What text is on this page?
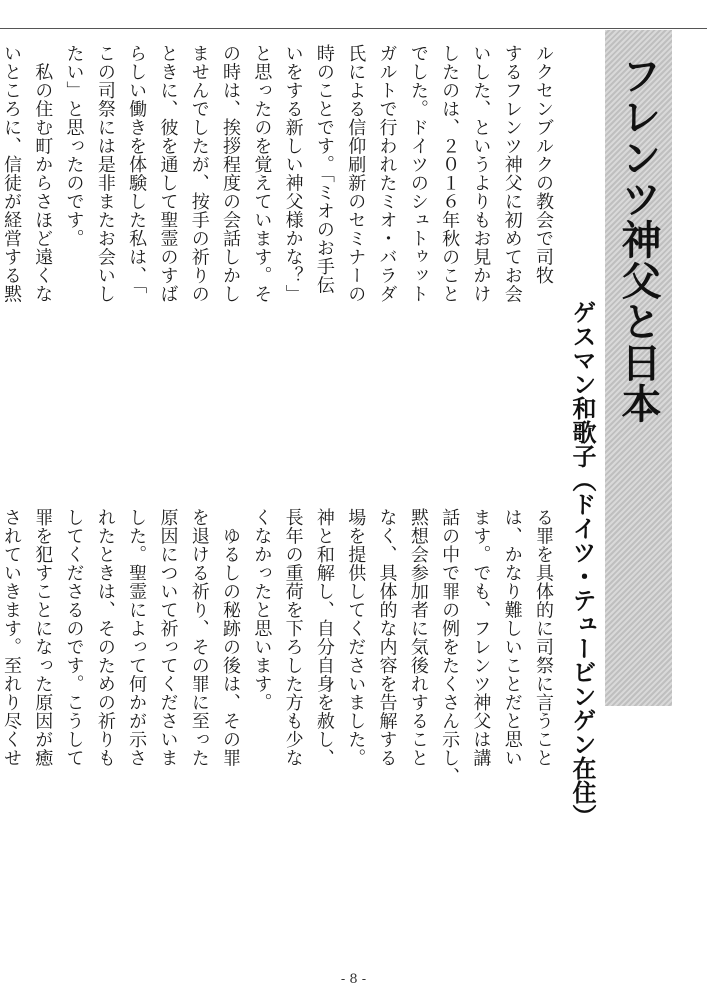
フレンツ神父と日本
ゲスマン和歌子（ドイツ・テュービンゲン在住）

ルクセンブルクの教会で司牧

するフレンツ神父に初めてお会

いした、というよりもお見かけ

したのは、２０１６年秋のこと

でした。ドイツのシュトゥット

ガルトで行われたミオ・バラダ

氏による信仰刷新のセミナーの

時のことです。「ミオのお手伝

いをする新しい神父様かな？」

と思ったのを覚えています。そ

の時は、挨拶程度の会話しかし

ませんでしたが、按手の祈りの

ときに、彼を通して聖霊のすば

らしい働きを体験した私は、「

この司祭には是非またお会いし

たい」と思ったのです。

　私の住む町からさほど遠くな

いところに、信徒が経営する黙

る罪を具体的に司祭に言うこと

は、かなり難しいことだと思い

ます。でも、フレンツ神父は講

話の中で罪の例をたくさん示し、

黙想会参加者に気後れすること

なく、具体的な内容を告解する

場を提供してくださいました。

神と和解し、自分自身を赦し、

長年の重荷を下ろした方も少な

くなかったと思います。

　ゆるしの秘跡の後は、その罪

を退ける祈り、その罪に至った

原因について祈ってくださいま

した。聖霊によって何かが示さ

れたときは、そのための祈りも

してくださるのです。こうして

罪を犯すことになった原因が癒

されていきます。至れり尽くせ

- 8 -
